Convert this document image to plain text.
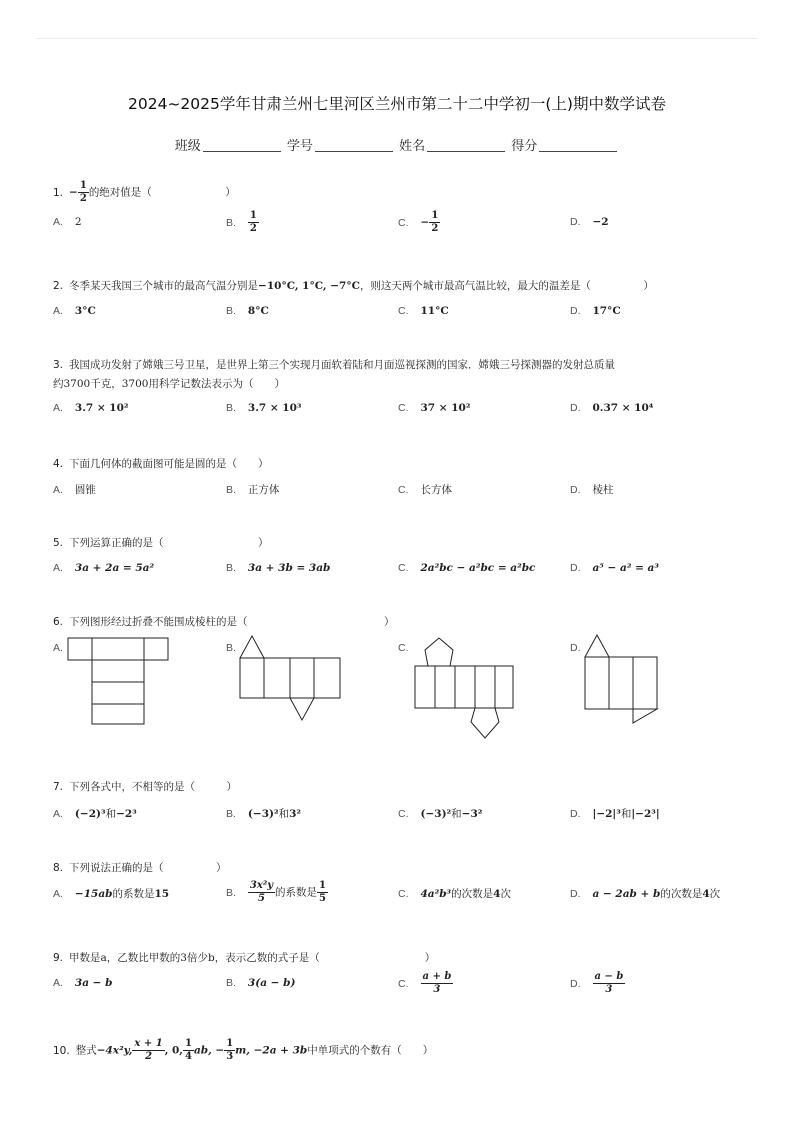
2024~2025学年甘肃兰州七里河区兰州市第二十二中学初一(上)期中数学试卷
班级	学号	姓名	得分
1. − $\frac{1}{2}$ 的绝对值是（　　　　　　　）
A. 2	B. $\frac{1}{2}$	C. − $\frac{1}{2}$	D. −2
2. 冬季某天我国三个城市的最高气温分别是−10°C, 1°C, −7°C，则这天两个城市最高气温比较，最大的温差是（　　　　　）
A. 3°C	B. 8°C	C. 11°C	D. 17°C
3. 我国成功发射了嫦娥三号卫星，是世界上第三个实现月面软着陆和月面巡视探测的国家．嫦娥三号探测器的发射总质量
约3700千克，3700用科学记数法表示为（　　）
A. 3.7 × 10²	B. 3.7 × 10³	C. 37 × 10²	D. 0.37 × 10⁴
4. 下面几何体的截面图可能是圆的是（　　）
A. 圆锥	B. 正方体	C. 长方体	D. 棱柱
5. 下列运算正确的是（　　　　　　　　　）
A. 3a + 2a = 5a²	B. 3a + 3b = 3ab	C. 2a²bc − a²bc = a²bc	D. a⁵ − a² = a³
6. 下列图形经过折叠不能围成棱柱的是（　　　　　　　　　　　　　）
A.	B.	C.	D.
7. 下列各式中，不相等的是（　　　）
A. (−2)³和−2³	B. (−3)²和3²	C. (−3)²和−3²	D. |−2|³和|−2³|
8. 下列说法正确的是（　　　　　）
A. −15ab的系数是15	B. $\frac{\text{3x²y}}{5}$ 的系数是 $\frac{1}{5}$	C. 4a²b³的次数是4次	D. a − 2ab + b的次数是4次
9. 甲数是a，乙数比甲数的3倍少b，表示乙数的式子是（　　　　　　　　　　）
A. 3a − b	B. 3(a − b)	C. $\frac{a + b}{3}$	D. $\frac{a - b}{3}$
10. 整式−4x²y, $\frac{x + 1}{2}$ , 0, $\frac{1}{4}$ ab, − $\frac{1}{3} m$, −2a + 3b中单项式的个数有（　　）
